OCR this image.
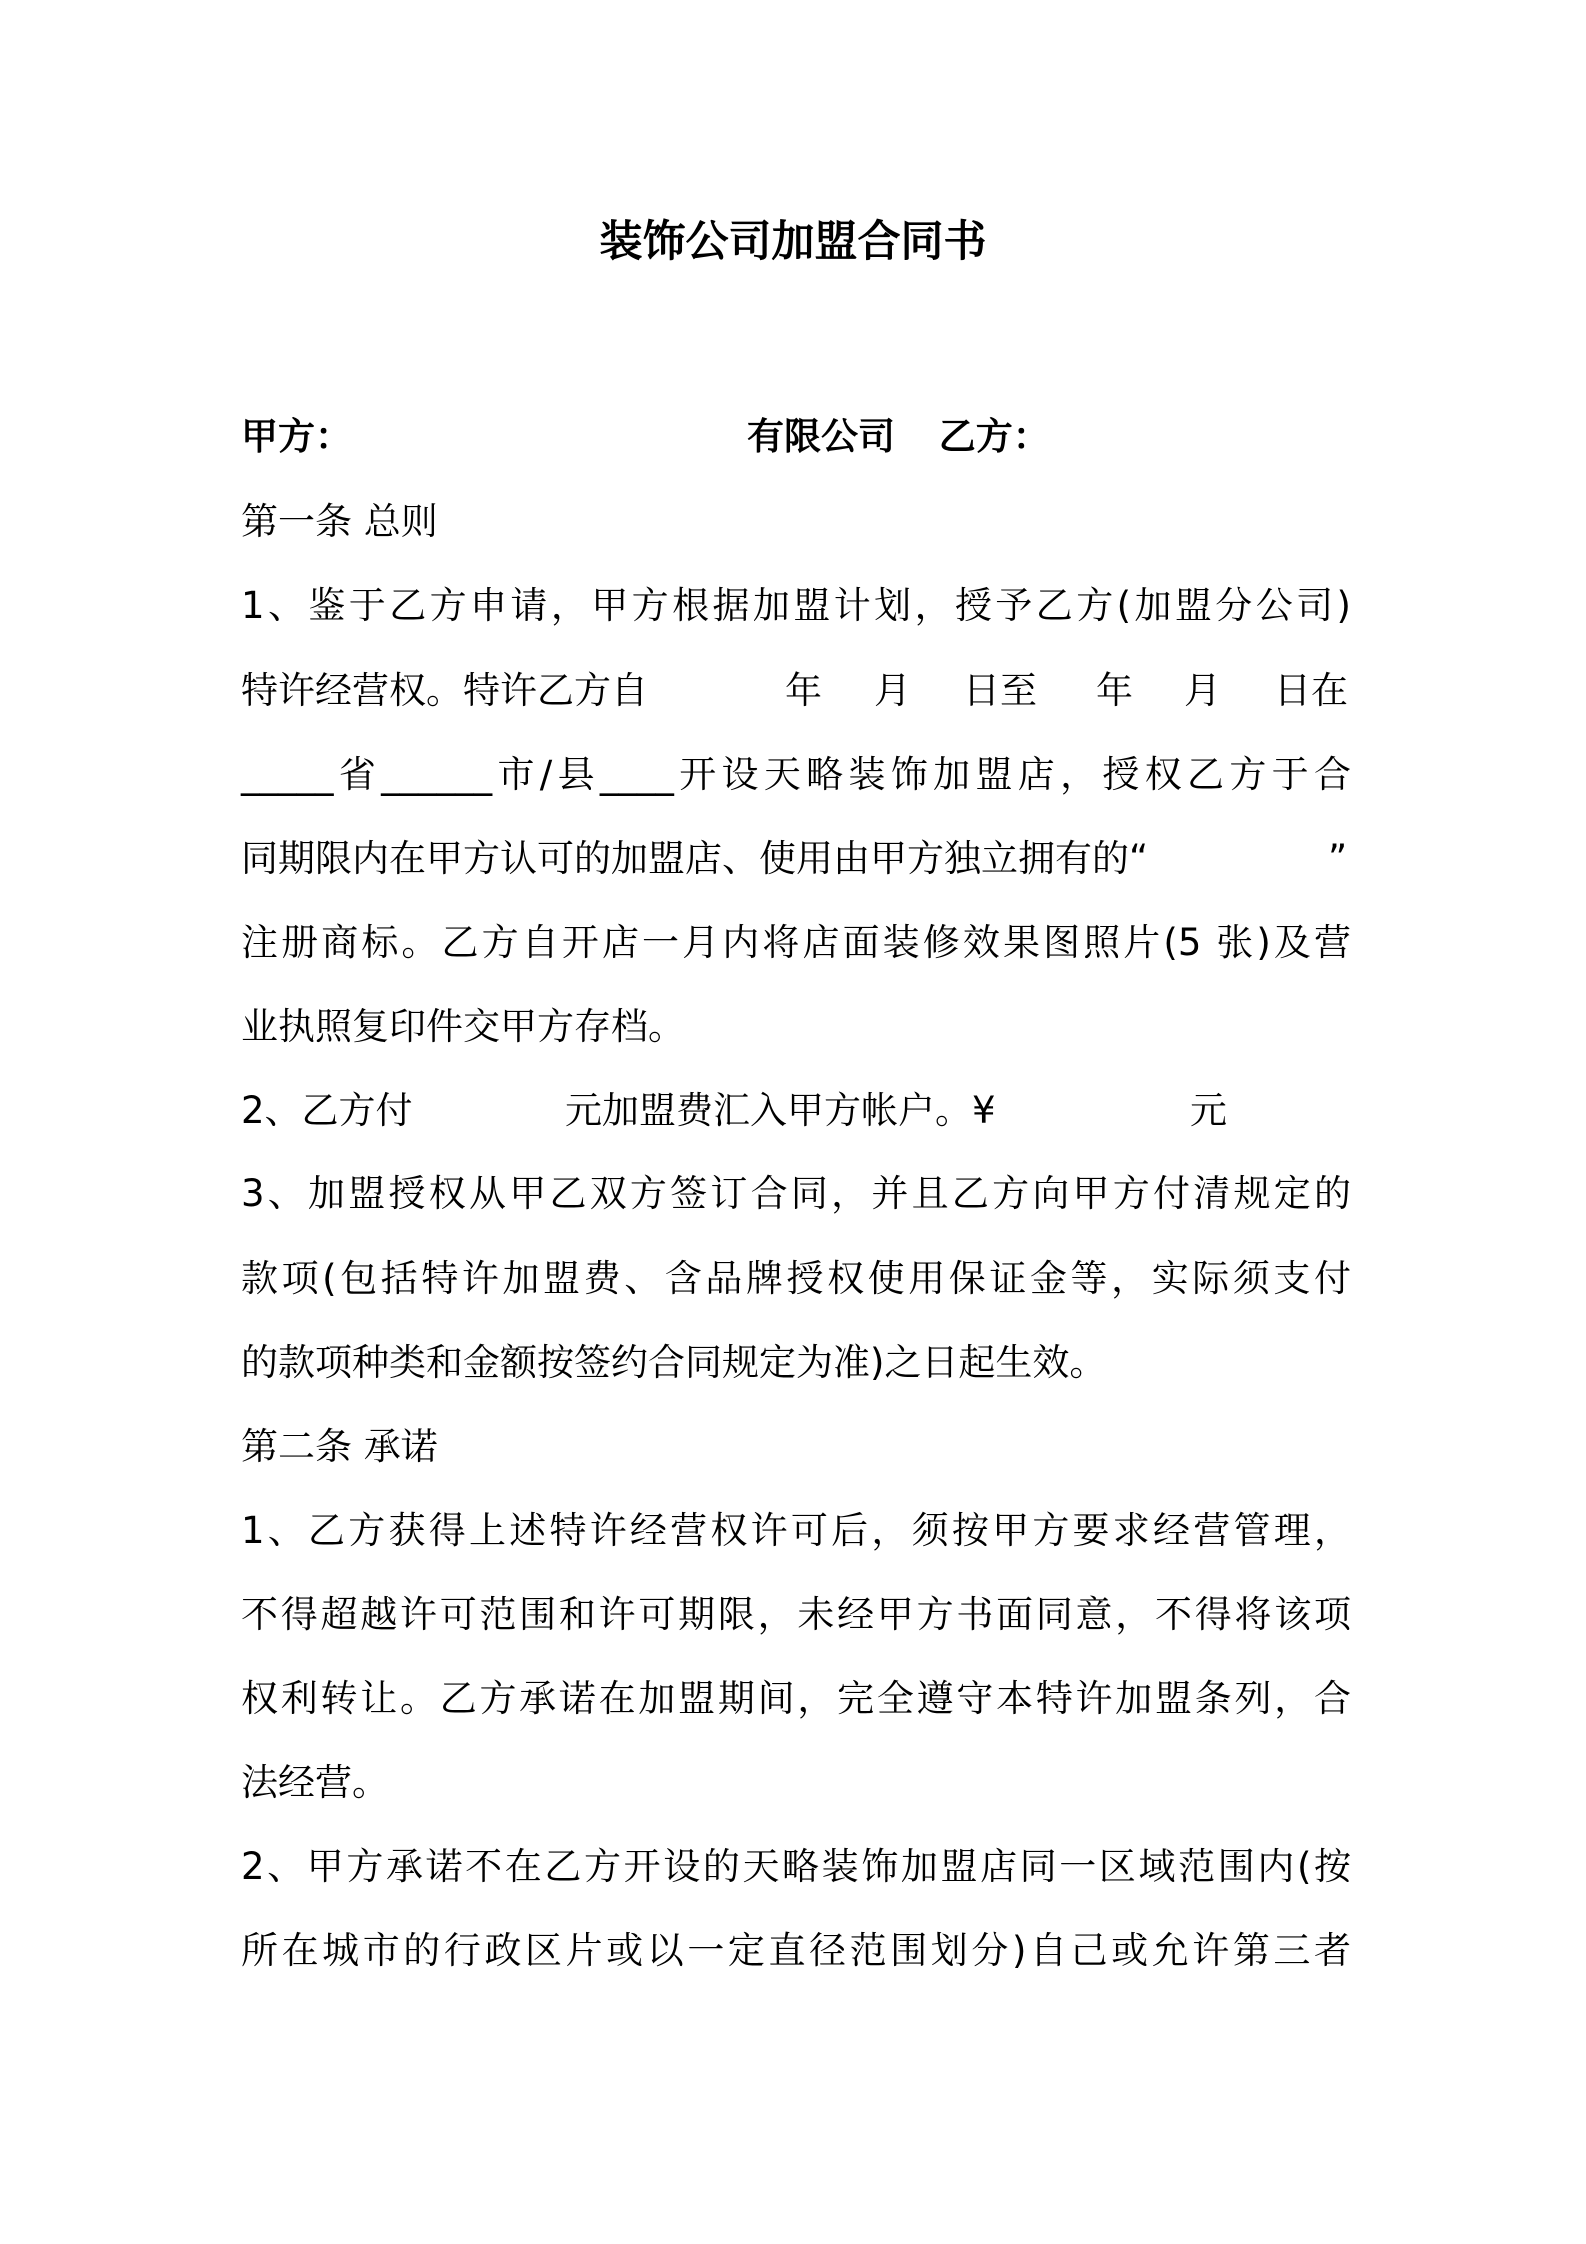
装饰公司加盟合同书
甲方：	有限公司 乙方：
第一条 总则
1、鉴于乙方申请，甲方根据加盟计划，授予乙方(加盟分公司)
特许经营权。特许乙方自	年 月 日至 年 月 日在
_____省______市/县____开设天略装饰加盟店，授权乙方于合
同期限内在甲方认可的加盟店、使用由甲方独立拥有的“	”
注册商标。乙方自开店一月内将店面装修效果图照片(5 张)及营
业执照复印件交甲方存档。
2、乙方付	元加盟费汇入甲方帐户。¥	元
3、加盟授权从甲乙双方签订合同，并且乙方向甲方付清规定的
款项(包括特许加盟费、含品牌授权使用保证金等，实际须支付
的款项种类和金额按签约合同规定为准)之日起生效。
第二条 承诺
1、乙方获得上述特许经营权许可后，须按甲方要求经营管理，
不得超越许可范围和许可期限，未经甲方书面同意，不得将该项
权利转让。乙方承诺在加盟期间，完全遵守本特许加盟条列，合
法经营。
2、甲方承诺不在乙方开设的天略装饰加盟店同一区域范围内(按
所在城市的行政区片或以一定直径范围划分)自己或允许第三者
